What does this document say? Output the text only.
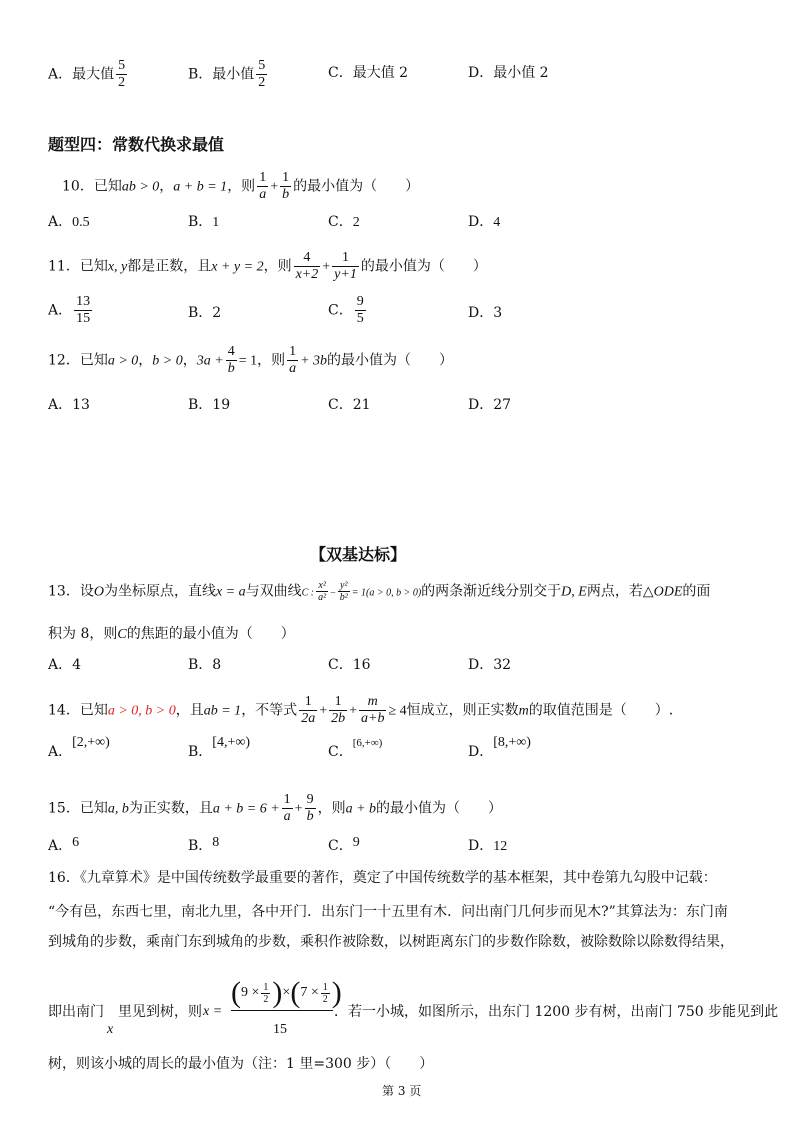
A．最大值 $\frac{5}{2}$	B．最小值 $\frac{5}{2}$	C．最大值 2	D．最小值 2
题型四：常数代换求最值
10．已知ab > 0，a + b = 1，则 $\frac{1}{a} + \frac{1}{b}$ 的最小值为（　　）
A．0.5	B．1	C．2	D．4
11．已知x, y都是正数，且x + y = 2，则 $\frac{4}{x+2} + \frac{1}{y+1}$ 的最小值为（　　）
A． $\frac{13}{15}$	B．2	C． $\frac{9}{5}$	D．3
12．已知a > 0，b > 0，$3a + \frac{4}{b} = 1$，则 $\frac{1}{a} + 3b$的最小值为（　　）
A．13	B．19	C．21	D．27
【双基达标】
13．设O为坐标原点，直线x = a与双曲线C : $\frac{\text{x²}}{\text{a²}} - \frac{\text{y²}}{\text{b²}} = 1(a > 0$, b > 0)的两条渐近线分别交于D, E两点，若△ODE的面
积为 8，则C的焦距的最小值为（　　）
A．4	B．8	C．16	D．32
14．已知a > 0, b > 0，且ab = 1，不等式 $\frac{1}{2a} + \frac{1}{2b} + \frac{m}{a+b} \ge 4$恒成立，则正实数m的取值范围是（　　）.
A．[2,+∞)
B．[4,+∞)
C．$^{[6,+\infty)}$
D．[8,+∞)
15．已知a, b为正实数，且$a + b = 6 + \frac{1}{a} + \frac{9}{b}$ ，则a + b的最小值为（　　）
A．6	B．8	C．9	D．12
16．《九章算术》是中国传统数学最重要的著作，奠定了中国传统数学的基本框架，其中卷第九勾股中记载：
“今有邑，东西七里，南北九里，各中开门．出东门一十五里有木．问出南门几何步而见木?”其算法为：东门南
到城角的步数，乘南门东到城角的步数，乘积作被除数，以树距离东门的步数作除数，被除数除以除数得结果，
即出南门
x
里见到树，则 x =
$(9 \times \frac{1}{2} )\times(7 \times \frac{1}{2}$ )
15
．若一小城，如图所示，出东门 1200 步有树，出南门 750 步能见到此
树，则该小城的周长的最小值为（注：1 里=300 步）（　　）
第 3 页
